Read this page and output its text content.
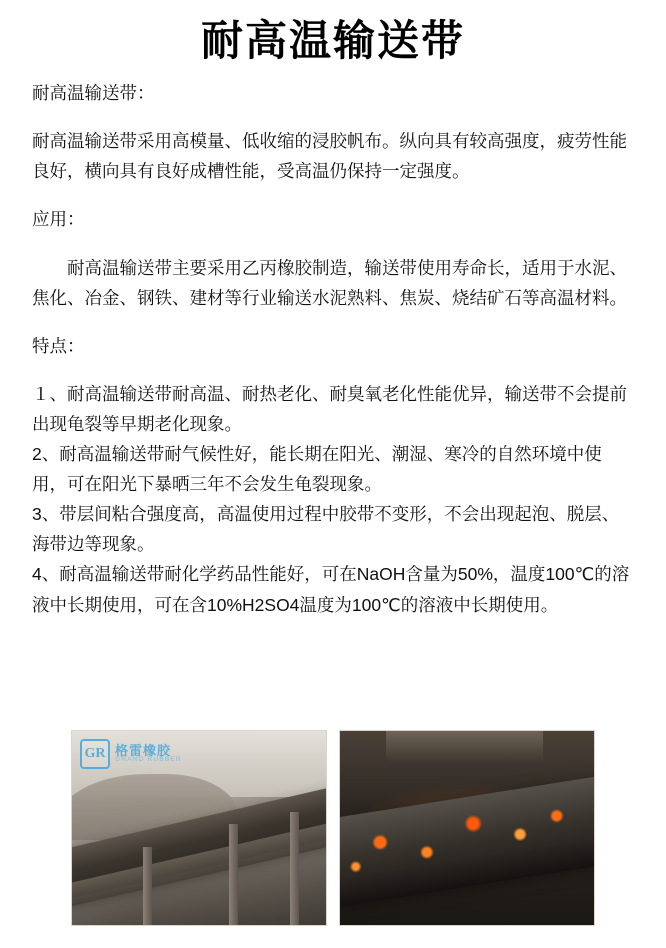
耐高温输送带

耐高温输送带：

耐高温输送带采用高模量、低收缩的浸胶帆布。纵向具有较高强度，疲劳性能良好，横向具有良好成槽性能，受高温仍保持一定强度。

应用：

耐高温输送带主要采用乙丙橡胶制造，输送带使用寿命长，适用于水泥、焦化、冶金、钢铁、建材等行业输送水泥熟料、焦炭、烧结矿石等高温材料。

特点：

１、耐高温输送带耐高温、耐热老化、耐臭氧老化性能优异，输送带不会提前出现龟裂等早期老化现象。

2、耐高温输送带耐气候性好，能长期在阳光、潮湿、寒冷的自然环境中使用，可在阳光下暴晒三年不会发生龟裂现象。

3、带层间粘合强度高，高温使用过程中胶带不变形，不会出现起泡、脱层、海带边等现象。

4、耐高温输送带耐化学药品性能好，可在NaOH含量为50%，温度100℃的溶液中长期使用，可在含10%H2SO4温度为100℃的溶液中长期使用。

GR 格雷橡胶
GRAND RUBBER
